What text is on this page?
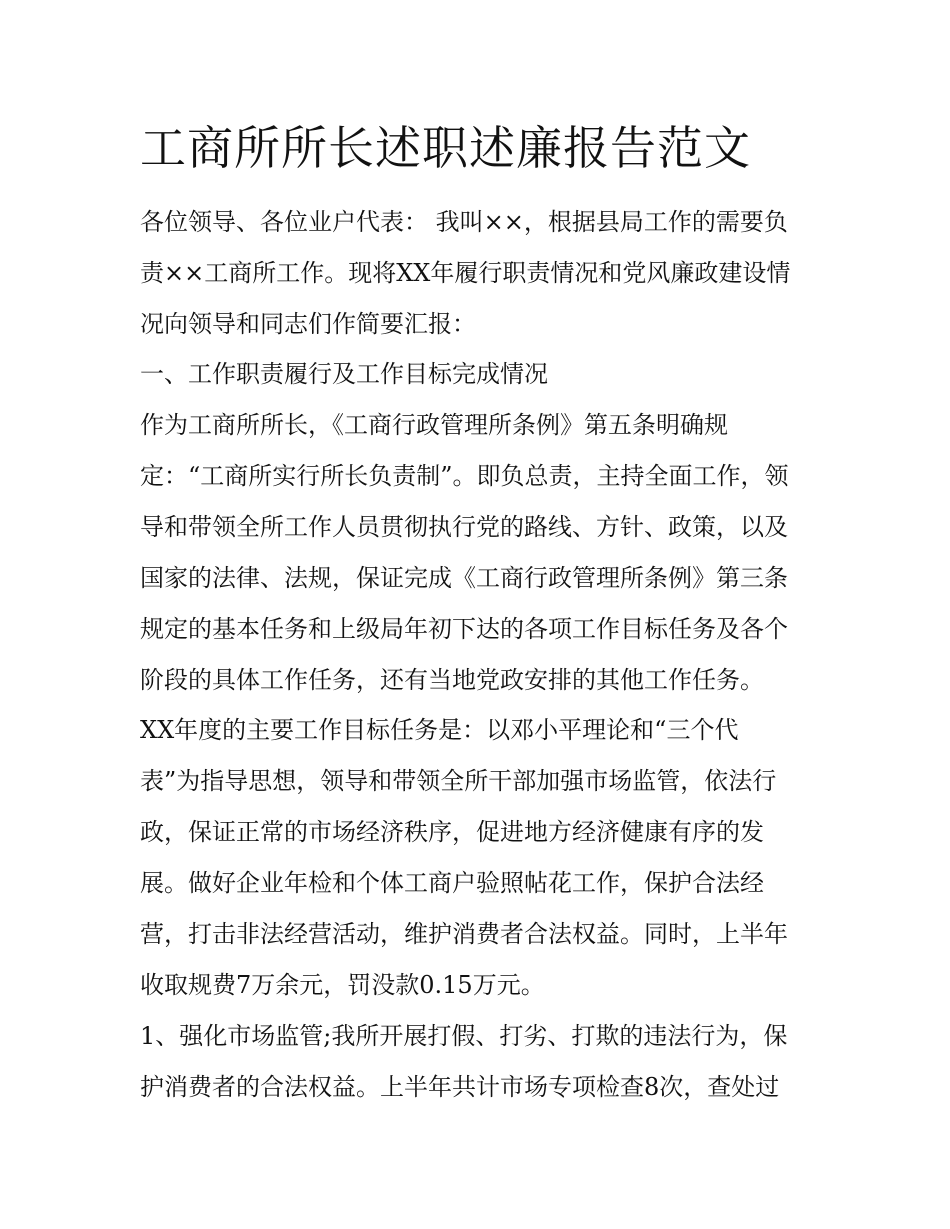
工商所所长述职述廉报告范文
各位领导、各位业户代表： 我叫××，根据县局工作的需要负
责××工商所工作。现将XX年履行职责情况和党风廉政建设情
况向领导和同志们作简要汇报：
一、工作职责履行及工作目标完成情况
作为工商所所长，《工商行政管理所条例》第五条明确规
定：“工商所实行所长负责制”。即负总责，主持全面工作，领
导和带领全所工作人员贯彻执行党的路线、方针、政策，以及
国家的法律、法规，保证完成《工商行政管理所条例》第三条
规定的基本任务和上级局年初下达的各项工作目标任务及各个
阶段的具体工作任务，还有当地党政安排的其他工作任务。
XX年度的主要工作目标任务是：以邓小平理论和“三个代
表”为指导思想，领导和带领全所干部加强市场监管，依法行
政，保证正常的市场经济秩序，促进地方经济健康有序的发
展。做好企业年检和个体工商户验照帖花工作，保护合法经
营，打击非法经营活动，维护消费者合法权益。同时，上半年
收取规费7万余元，罚没款0.15万元。
1、强化市场监管;我所开展打假、打劣、打欺的违法行为，保
护消费者的合法权益。上半年共计市场专项检查8次，查处过
